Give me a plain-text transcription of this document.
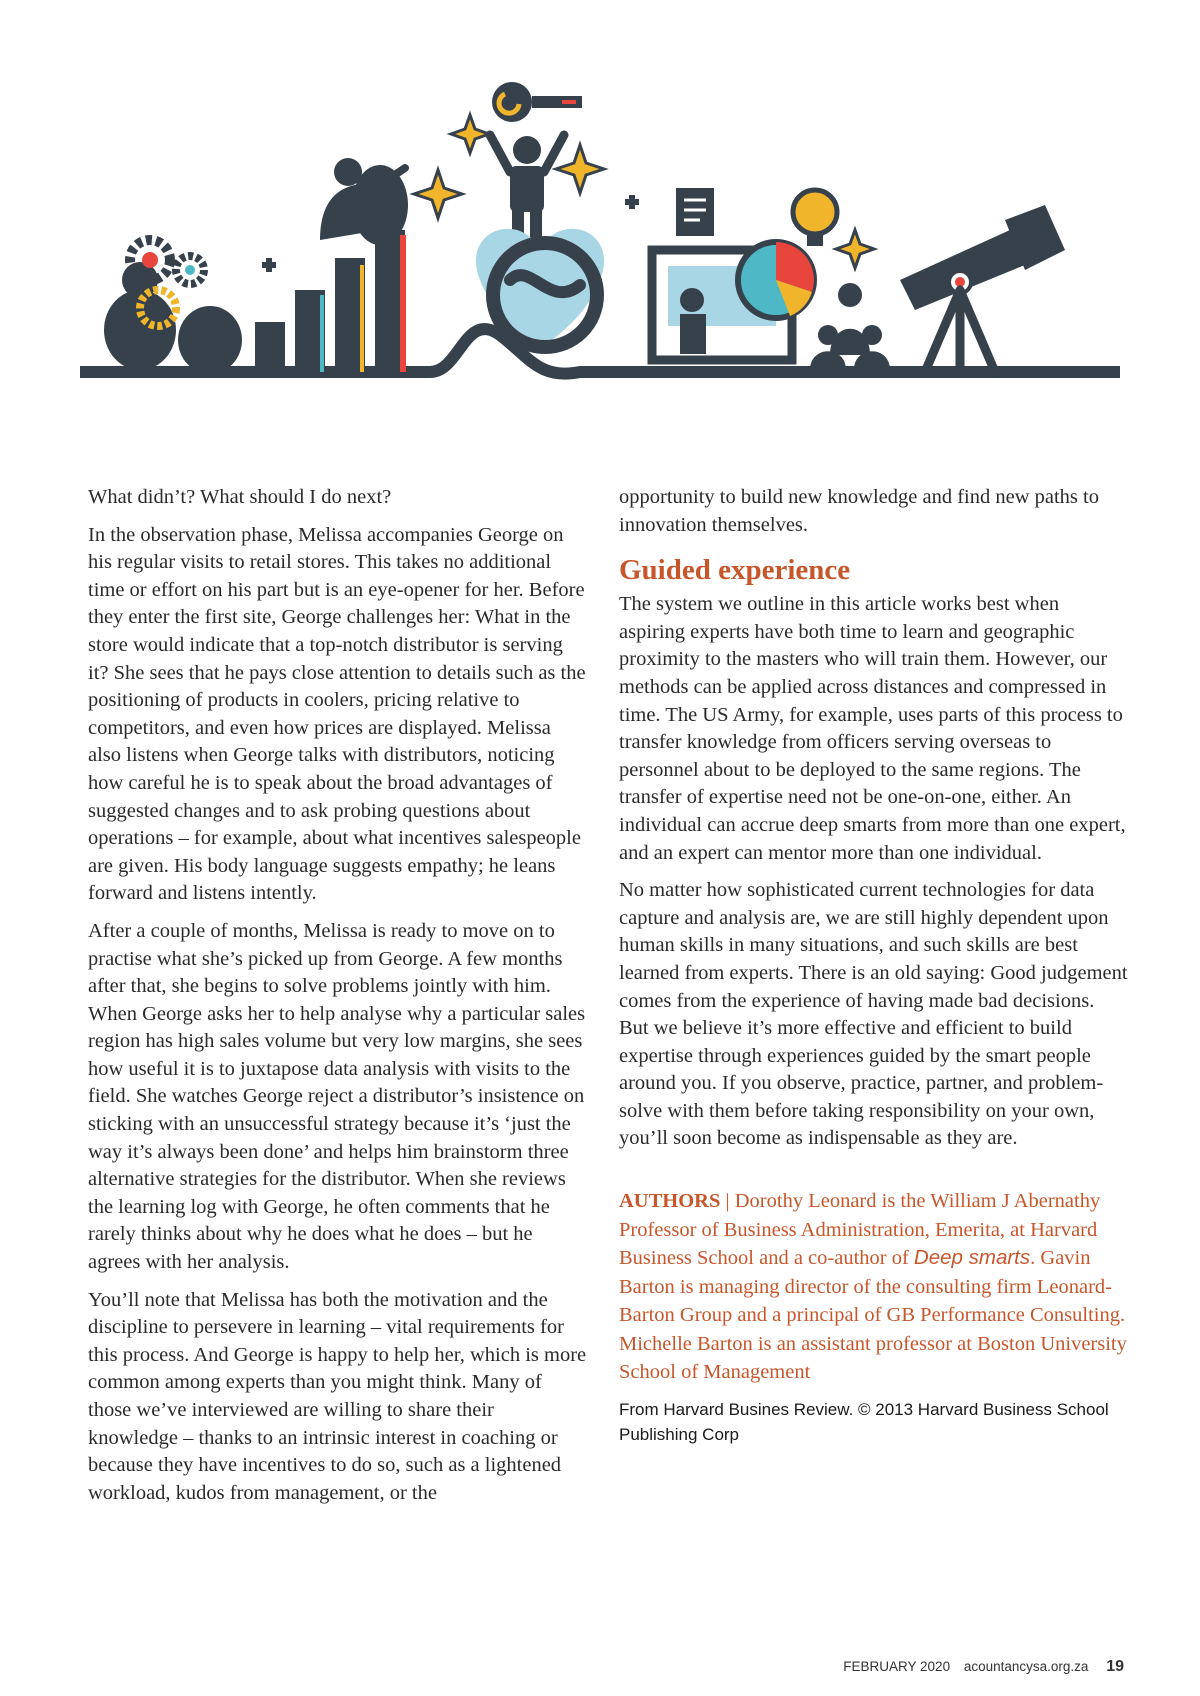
What didn’t? What should I do next?

In the observation phase, Melissa accompanies George on his regular visits to retail stores. This takes no additional time or effort on his part but is an eye-opener for her. Before they enter the first site, George challenges her: What in the store would indicate that a top-notch distributor is serving it? She sees that he pays close attention to details such as the positioning of products in coolers, pricing relative to competitors, and even how prices are displayed. Melissa also listens when George talks with distributors, noticing how careful he is to speak about the broad advantages of suggested changes and to ask probing questions about operations – for example, about what incentives salespeople are given. His body language suggests empathy; he leans forward and listens intently.

After a couple of months, Melissa is ready to move on to practise what she’s picked up from George. A few months after that, she begins to solve problems jointly with him. When George asks her to help analyse why a particular sales region has high sales volume but very low margins, she sees how useful it is to juxtapose data analysis with visits to the field. She watches George reject a distributor’s insistence on sticking with an unsuccessful strategy because it’s ‘just the way it’s always been done’ and helps him brainstorm three alternative strategies for the distributor. When she reviews the learning log with George, he often comments that he rarely thinks about why he does what he does – but he agrees with her analysis.

You’ll note that Melissa has both the motivation and the discipline to persevere in learning – vital requirements for this process. And George is happy to help her, which is more common among experts than you might think. Many of those we’ve interviewed are willing to share their knowledge – thanks to an intrinsic interest in coaching or because they have incentives to do so, such as a lightened workload, kudos from management, or the

opportunity to build new knowledge and find new paths to innovation themselves.

Guided experience

The system we outline in this article works best when aspiring experts have both time to learn and geographic proximity to the masters who will train them. However, our methods can be applied across distances and compressed in time. The US Army, for example, uses parts of this process to transfer knowledge from officers serving overseas to personnel about to be deployed to the same regions. The transfer of expertise need not be one-on-one, either. An individual can accrue deep smarts from more than one expert, and an expert can mentor more than one individual.

No matter how sophisticated current technologies for data capture and analysis are, we are still highly dependent upon human skills in many situations, and such skills are best learned from experts. There is an old saying: Good judgement comes from the experience of having made bad decisions. But we believe it’s more effective and efficient to build expertise through experiences guided by the smart people around you. If you observe, practice, partner, and problem-solve with them before taking responsibility on your own, you’ll soon become as indispensable as they are.

AUTHORS | Dorothy Leonard is the William J Abernathy Professor of Business Administration, Emerita, at Harvard Business School and a co-author of Deep smarts. Gavin Barton is managing director of the consulting firm Leonard-Barton Group and a principal of GB Performance Consulting. Michelle Barton is an assistant professor at Boston University School of Management

From Harvard Busines Review. © 2013 Harvard Business School Publishing Corp

FEBRUARY 2020 acountancysa.org.za 19
